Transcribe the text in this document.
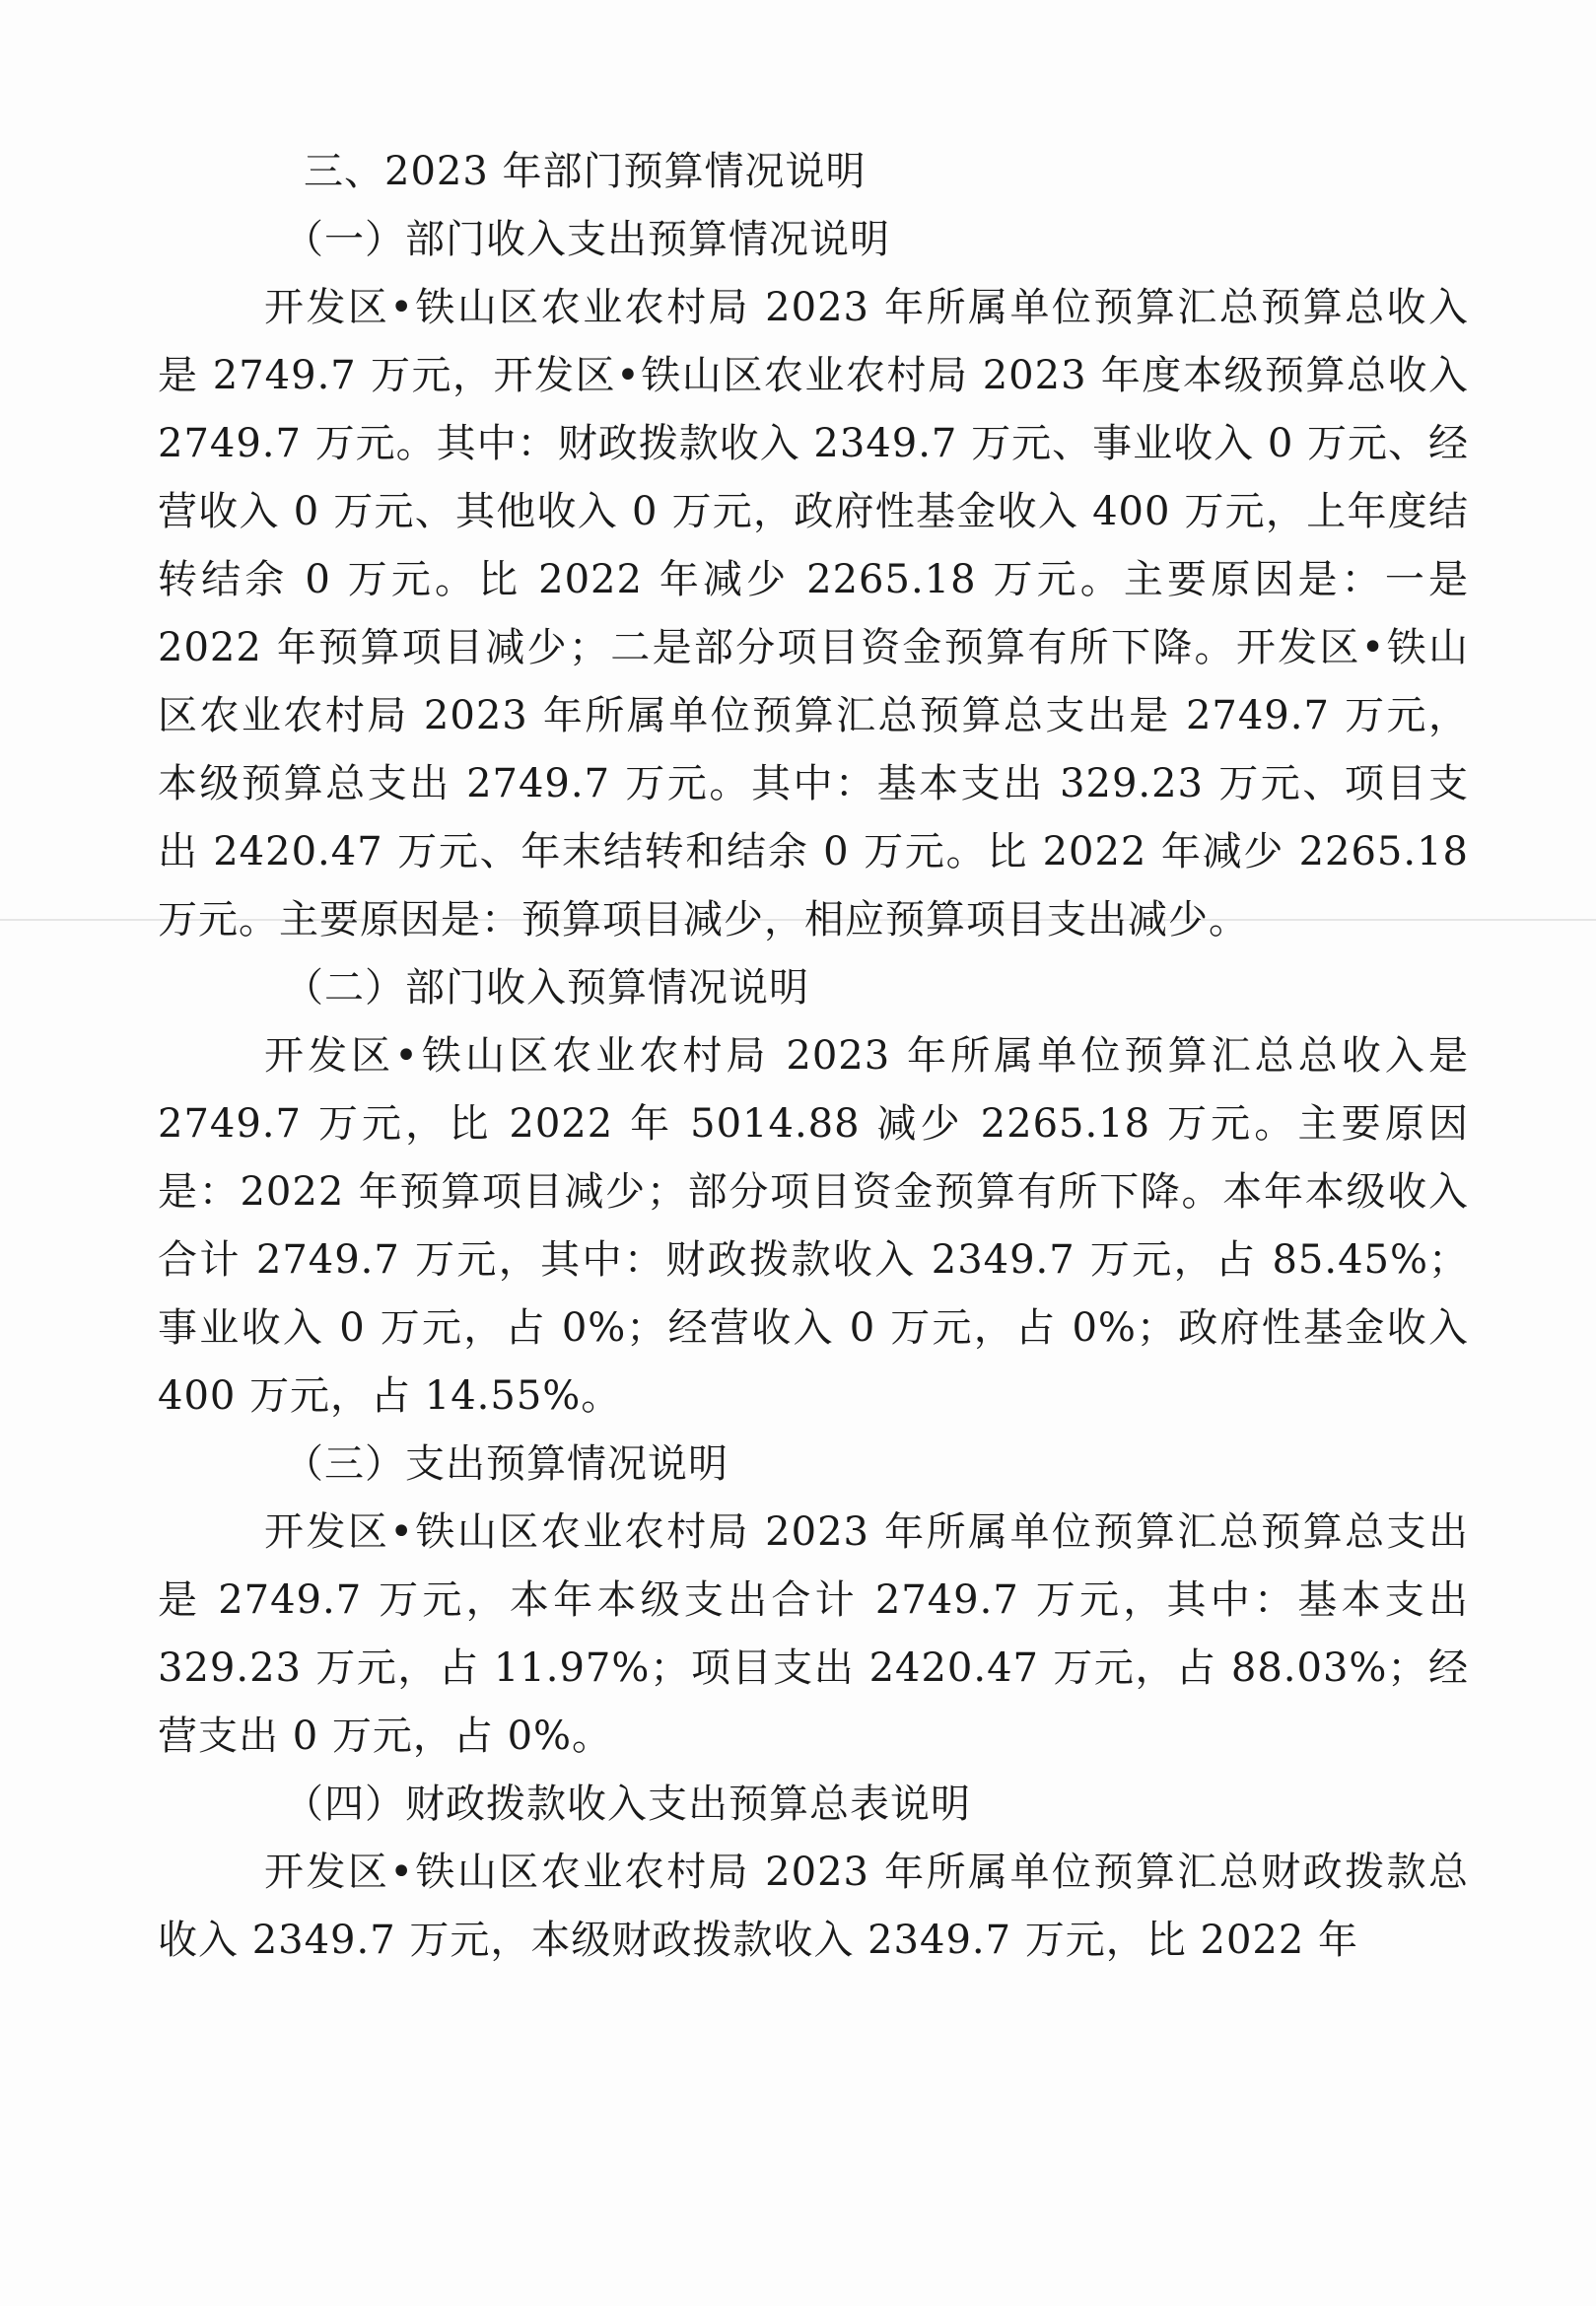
三、2023 年部门预算情况说明
（一）部门收入支出预算情况说明

开发区•铁山区农业农村局 2023 年所属单位预算汇总预算总收入是 2749.7 万元，开发区•铁山区农业农村局 2023 年度本级预算总收入 2749.7 万元。其中：财政拨款收入 2349.7 万元、事业收入 0 万元、经营收入 0 万元、其他收入 0 万元，政府性基金收入 400 万元，上年度结转结余 0 万元。比 2022 年减少 2265.18 万元。主要原因是：一是 2022 年预算项目减少；二是部分项目资金预算有所下降。开发区•铁山区农业农村局 2023 年所属单位预算汇总预算总支出是 2749.7 万元，本级预算总支出 2749.7 万元。其中：基本支出 329.23 万元、项目支出 2420.47 万元、年末结转和结余 0 万元。比 2022 年减少 2265.18 万元。主要原因是：预算项目减少，相应预算项目支出减少。

（二）部门收入预算情况说明

开发区•铁山区农业农村局 2023 年所属单位预算汇总总收入是 2749.7 万元，比 2022 年 5014.88 减少 2265.18 万元。主要原因是：2022 年预算项目减少；部分项目资金预算有所下降。本年本级收入合计 2749.7 万元，其中：财政拨款收入 2349.7 万元，占 85.45%；事业收入 0 万元，占 0%；经营收入 0 万元，占 0%；政府性基金收入 400 万元，占 14.55%。

（三）支出预算情况说明

开发区•铁山区农业农村局 2023 年所属单位预算汇总预算总支出是 2749.7 万元，本年本级支出合计 2749.7 万元，其中：基本支出 329.23 万元，占 11.97%；项目支出 2420.47 万元，占 88.03%；经营支出 0 万元，占 0%。

（四）财政拨款收入支出预算总表说明

开发区•铁山区农业农村局 2023 年所属单位预算汇总财政拨款总收入 2349.7 万元，本级财政拨款收入 2349.7 万元，比 2022 年
